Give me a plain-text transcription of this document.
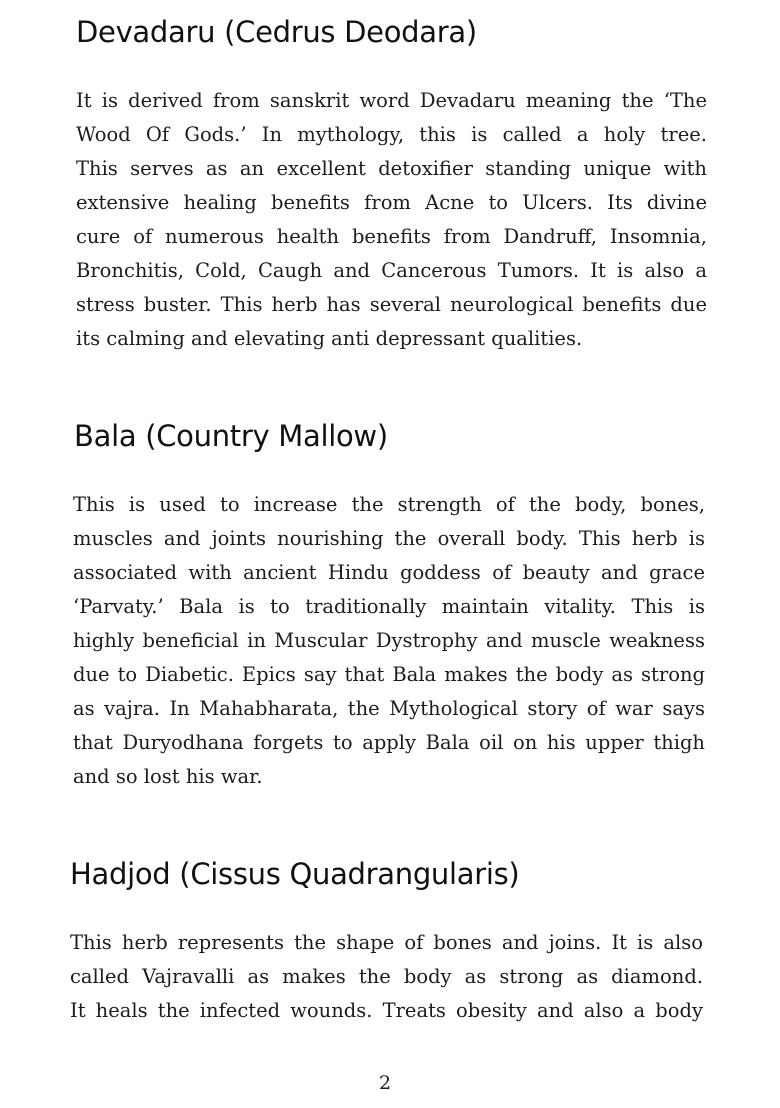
Devadaru (Cedrus Deodara)
It is derived from sanskrit word Devadaru meaning the ‘The
Wood Of Gods.’ In mythology, this is called a holy tree.
This serves as an excellent detoxifier standing unique with
extensive healing benefits from Acne to Ulcers. Its divine
cure of numerous health benefits from Dandruff, Insomnia,
Bronchitis, Cold, Caugh and Cancerous Tumors. It is also a
stress buster. This herb has several neurological benefits due
its calming and elevating anti depressant qualities.
Bala (Country Mallow)
This is used to increase the strength of the body, bones,
muscles and joints nourishing the overall body. This herb is
associated with ancient Hindu goddess of beauty and grace
‘Parvaty.’ Bala is to traditionally maintain vitality. This is
highly beneficial in Muscular Dystrophy and muscle weakness
due to Diabetic. Epics say that Bala makes the body as strong
as vajra. In Mahabharata, the Mythological story of war says
that Duryodhana forgets to apply Bala oil on his upper thigh
and so lost his war.
Hadjod (Cissus Quadrangularis)
This herb represents the shape of bones and joins. It is also
called Vajravalli as makes the body as strong as diamond.
It heals the infected wounds. Treats obesity and also a body
2
